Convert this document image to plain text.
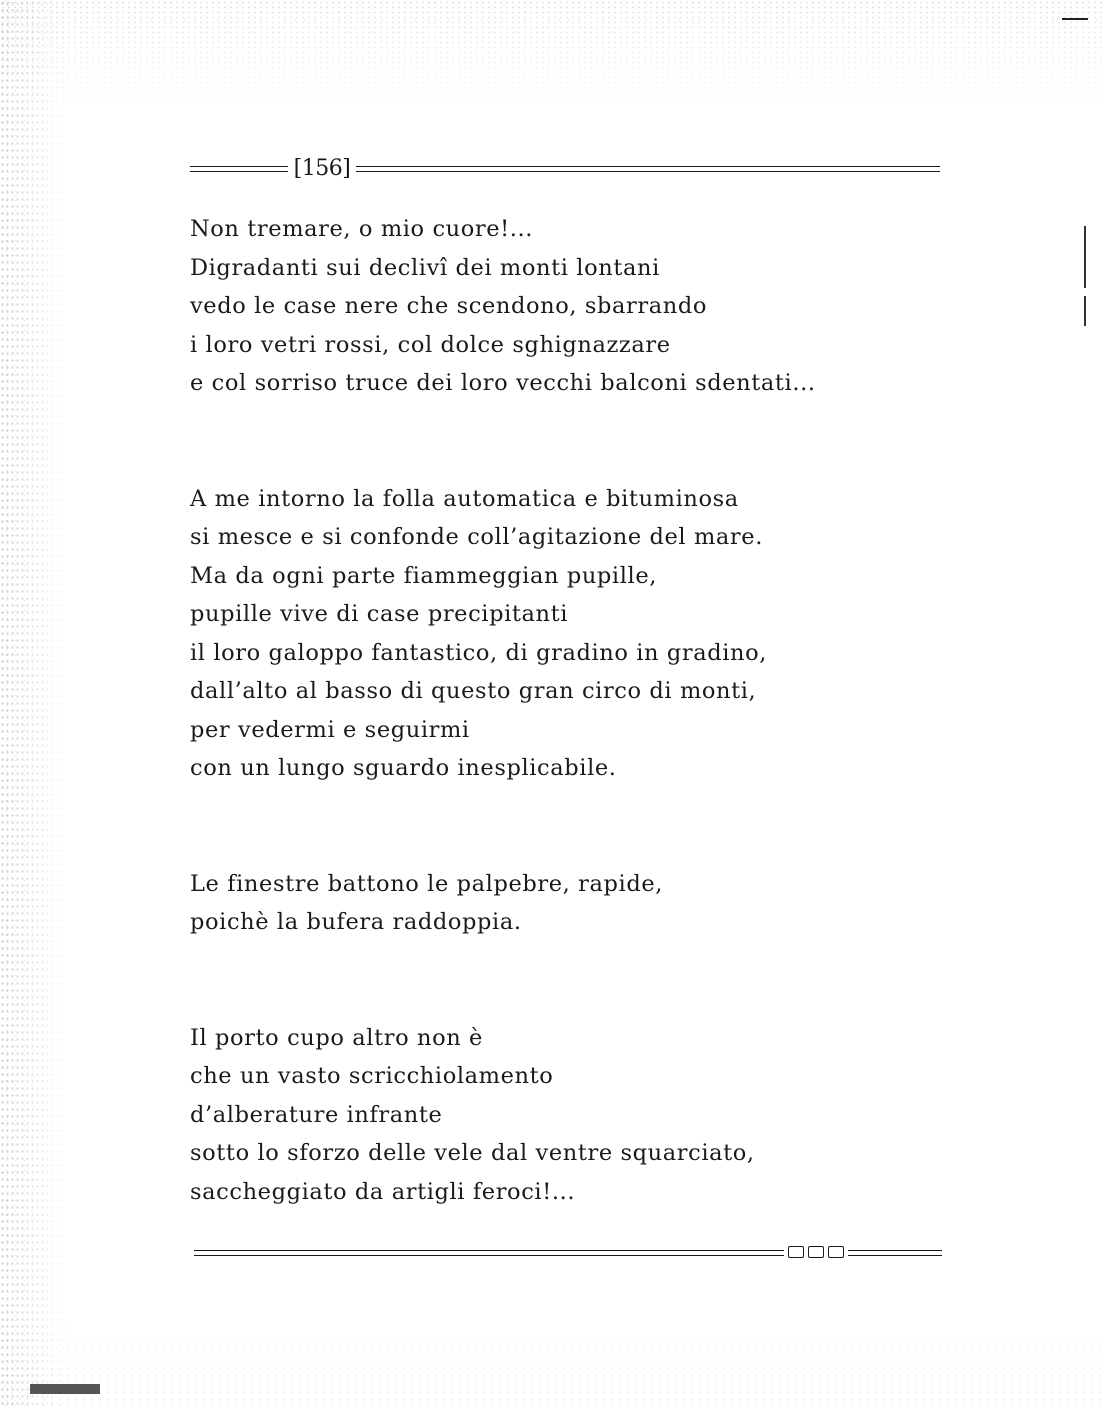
[156]

Non tremare, o mio cuore!...
Digradanti sui declivî dei monti lontani
vedo le case nere che scendono, sbarrando
i loro vetri rossi, col dolce sghignazzare
e col sorriso truce dei loro vecchi balconi sdentati...

A me intorno la folla automatica e bituminosa
si mesce e si confonde coll’agitazione del mare.
Ma da ogni parte fiammeggian pupille,
pupille vive di case precipitanti
il loro galoppo fantastico, di gradino in gradino,
dall’alto al basso di questo gran circo di monti,
per vedermi e seguirmi
con un lungo sguardo inesplicabile.

Le finestre battono le palpebre, rapide,
poichè la bufera raddoppia.

Il porto cupo altro non è
che un vasto scricchiolamento
d’alberature infrante
sotto lo sforzo delle vele dal ventre squarciato,
saccheggiato da artigli feroci!...
